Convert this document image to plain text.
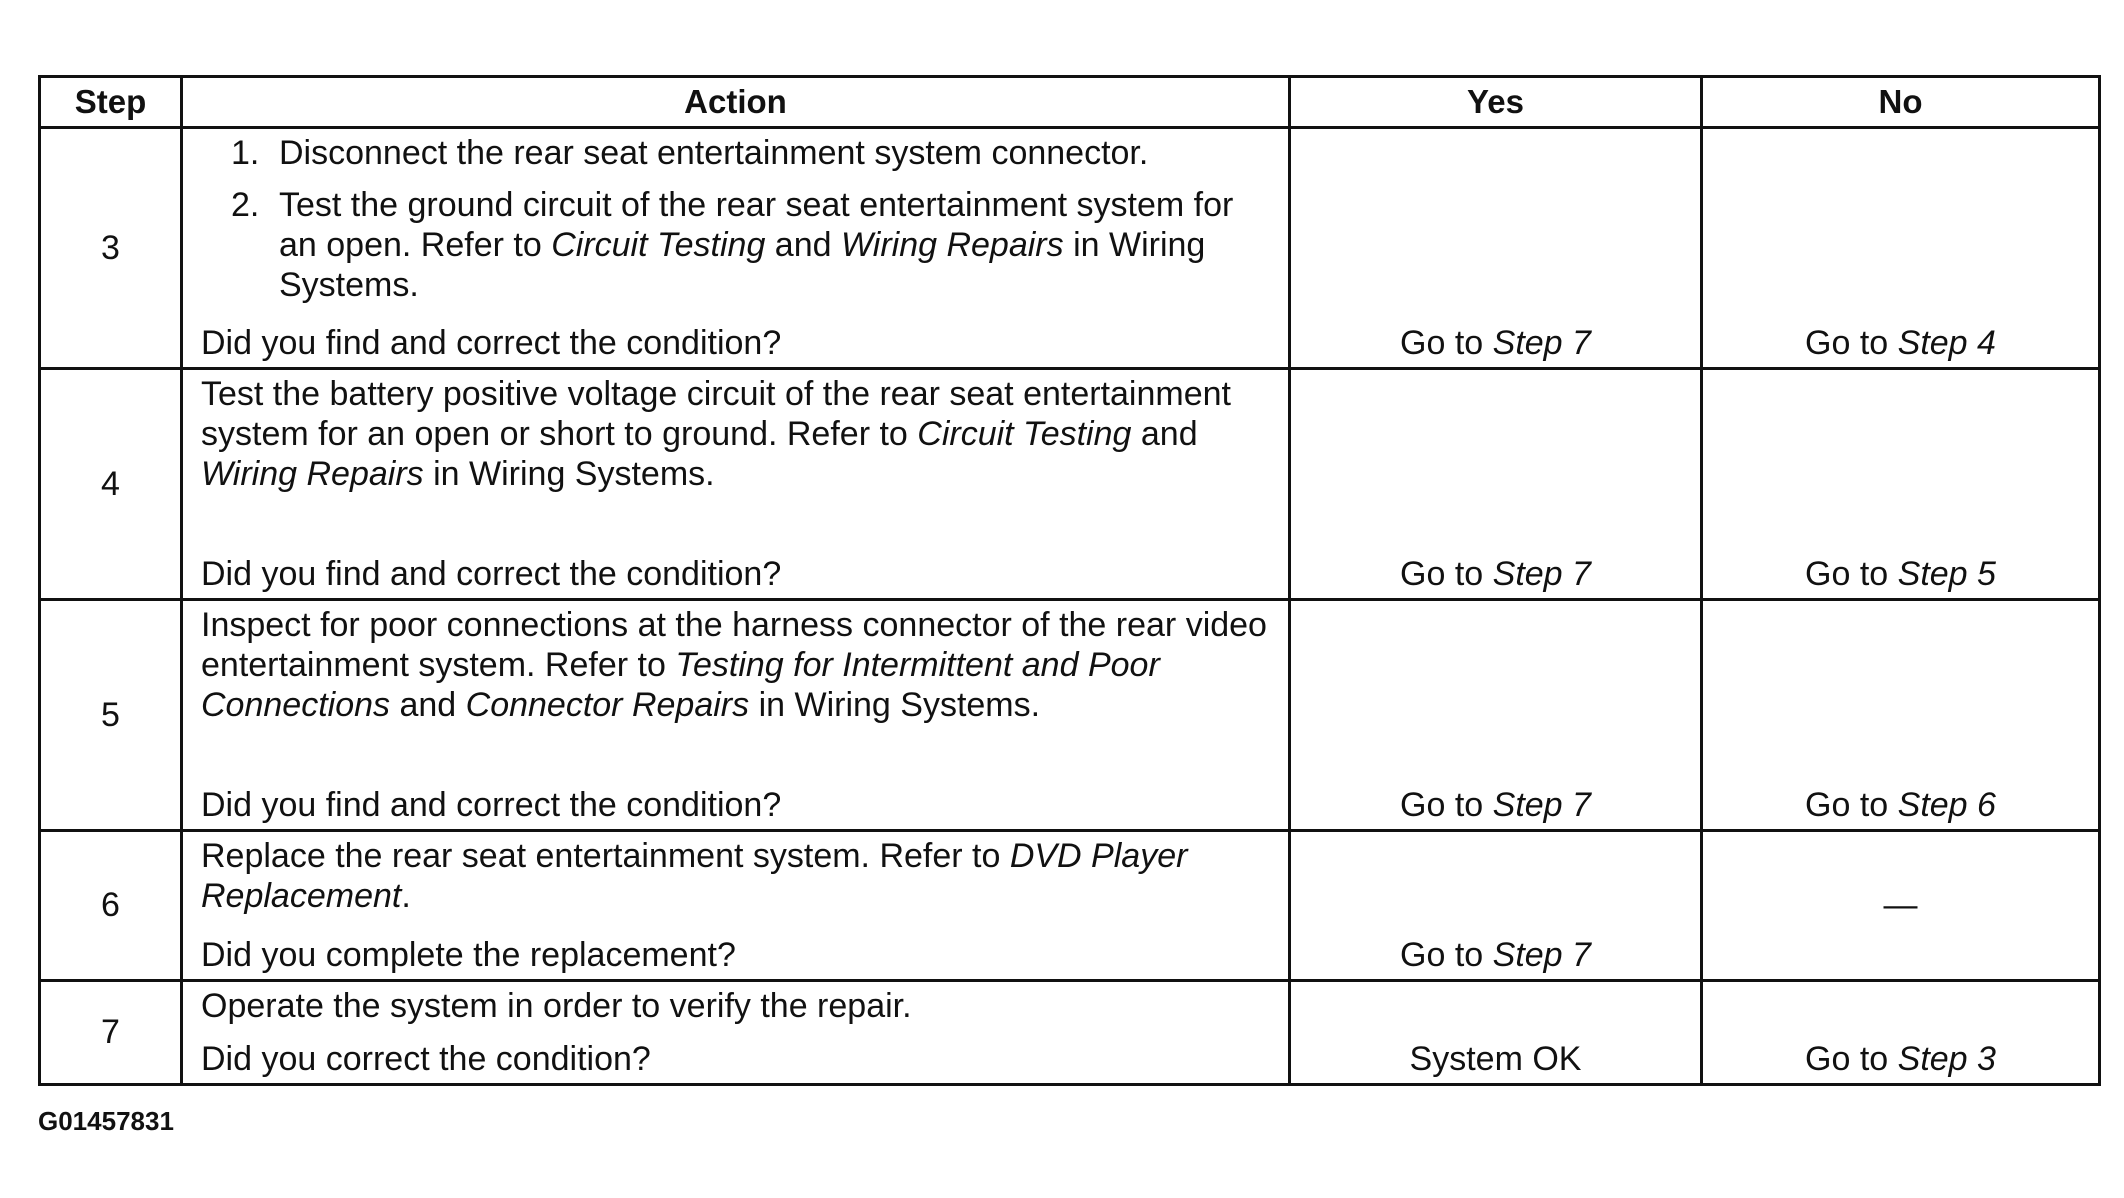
Step	Action	Yes	No
3	1. Disconnect the rear seat entertainment system connector.
2. Test the ground circuit of the rear seat entertainment system for an open. Refer to Circuit Testing and Wiring Repairs in Wiring Systems.
Did you find and correct the condition?	Go to Step 7	Go to Step 4

4	Test the battery positive voltage circuit of the rear seat entertainment system for an open or short to ground. Refer to Circuit Testing and Wiring Repairs in Wiring Systems.
Did you find and correct the condition?	Go to Step 7	Go to Step 5

5	Inspect for poor connections at the harness connector of the rear video entertainment system. Refer to Testing for Intermittent and Poor Connections and Connector Repairs in Wiring Systems.
Did you find and correct the condition?	Go to Step 7	Go to Step 6

6	Replace the rear seat entertainment system. Refer to DVD Player Replacement.
Did you complete the replacement?	Go to Step 7	—

7	Operate the system in order to verify the repair.
Did you correct the condition?	System OK	Go to Step 3
G01457831
